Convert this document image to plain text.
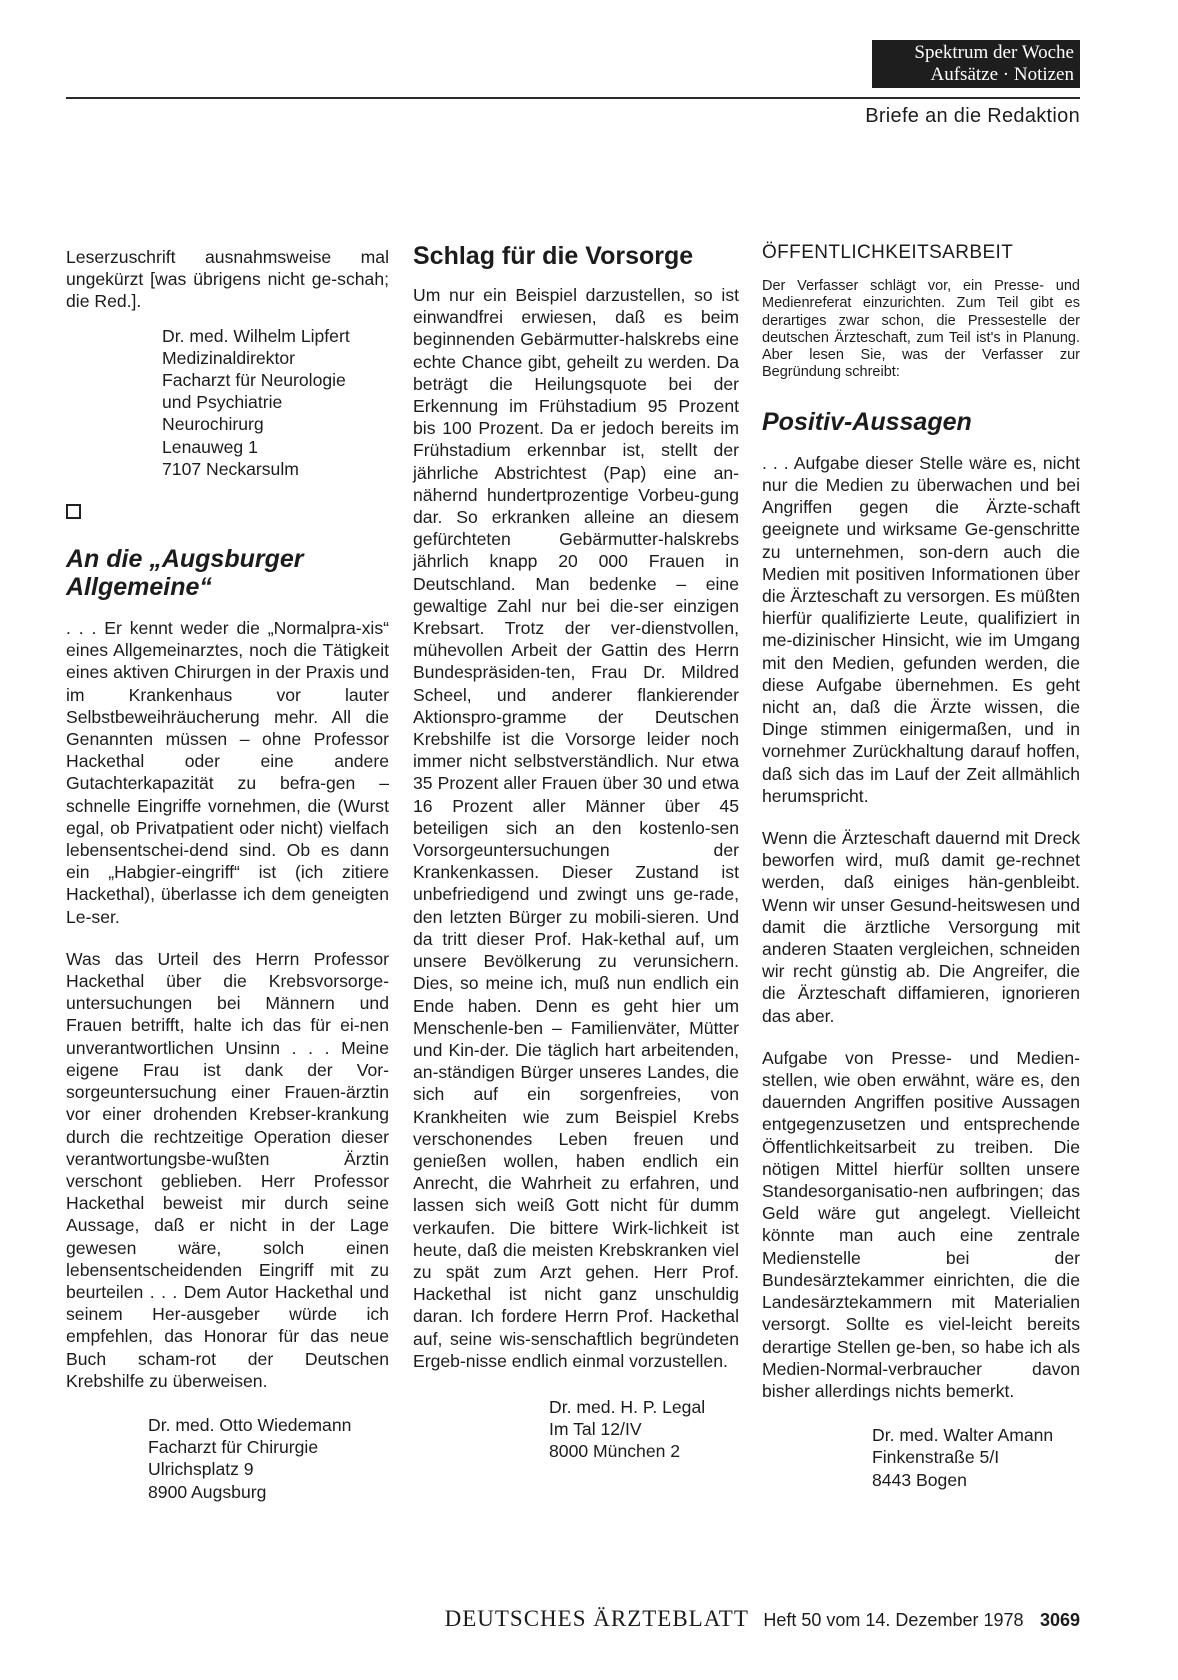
Spektrum der Woche
Aufsätze · Notizen
Briefe an die Redaktion

Leserzuschrift ausnahmsweise mal ungekürzt [was übrigens nicht ge-schah; die Red.].

Dr. med. Wilhelm Lipfert
Medizinaldirektor
Facharzt für Neurologie
und Psychiatrie
Neurochirurg
Lenauweg 1
7107 Neckarsulm
An die „Augsburger Allgemeine“

. . . Er kennt weder die „Normalpra-xis“ eines Allgemeinarztes, noch die Tätigkeit eines aktiven Chirurgen in der Praxis und im Krankenhaus vor lauter Selbstbeweihräucherung mehr. All die Genannten müssen – ohne Professor Hackethal oder eine andere Gutachterkapazität zu befra-gen – schnelle Eingriffe vornehmen, die (Wurst egal, ob Privatpatient oder nicht) vielfach lebensentschei-dend sind. Ob es dann ein „Habgier-eingriff“ ist (ich zitiere Hackethal), überlasse ich dem geneigten Le-ser.

Was das Urteil des Herrn Professor Hackethal über die Krebsvorsorge-untersuchungen bei Männern und Frauen betrifft, halte ich das für ei-nen unverantwortlichen Unsinn . . . Meine eigene Frau ist dank der Vor-sorgeuntersuchung einer Frauen-ärztin vor einer drohenden Krebser-krankung durch die rechtzeitige Operation dieser verantwortungsbe-wußten Ärztin verschont geblieben. Herr Professor Hackethal beweist mir durch seine Aussage, daß er nicht in der Lage gewesen wäre, solch einen lebensentscheidenden Eingriff mit zu beurteilen . . . Dem Autor Hackethal und seinem Her-ausgeber würde ich empfehlen, das Honorar für das neue Buch scham-rot der Deutschen Krebshilfe zu überweisen.

Dr. med. Otto Wiedemann
Facharzt für Chirurgie
Ulrichsplatz 9
8900 Augsburg
Schlag für die Vorsorge

Um nur ein Beispiel darzustellen, so ist einwandfrei erwiesen, daß es beim beginnenden Gebärmutter-halskrebs eine echte Chance gibt, geheilt zu werden. Da beträgt die Heilungsquote bei der Erkennung im Frühstadium 95 Prozent bis 100 Prozent. Da er jedoch bereits im Frühstadium erkennbar ist, stellt der jährliche Abstrichtest (Pap) eine an-nähernd hundertprozentige Vorbeu-gung dar. So erkranken alleine an diesem gefürchteten Gebärmutter-halskrebs jährlich knapp 20 000 Frauen in Deutschland. Man bedenke – eine gewaltige Zahl nur bei die-ser einzigen Krebsart. Trotz der ver-dienstvollen, mühevollen Arbeit der Gattin des Herrn Bundespräsiden-ten, Frau Dr. Mildred Scheel, und anderer flankierender Aktionspro-gramme der Deutschen Krebshilfe ist die Vorsorge leider noch immer nicht selbstverständlich. Nur etwa 35 Prozent aller Frauen über 30 und etwa 16 Prozent aller Männer über 45 beteiligen sich an den kostenlo-sen Vorsorgeuntersuchungen der Krankenkassen. Dieser Zustand ist unbefriedigend und zwingt uns ge-rade, den letzten Bürger zu mobili-sieren. Und da tritt dieser Prof. Hak-kethal auf, um unsere Bevölkerung zu verunsichern. Dies, so meine ich, muß nun endlich ein Ende haben. Denn es geht hier um Menschenle-ben – Familienväter, Mütter und Kin-der. Die täglich hart arbeitenden, an-ständigen Bürger unseres Landes, die sich auf ein sorgenfreies, von Krankheiten wie zum Beispiel Krebs verschonendes Leben freuen und genießen wollen, haben endlich ein Anrecht, die Wahrheit zu erfahren, und lassen sich weiß Gott nicht für dumm verkaufen. Die bittere Wirk-lichkeit ist heute, daß die meisten Krebskranken viel zu spät zum Arzt gehen. Herr Prof. Hackethal ist nicht ganz unschuldig daran. Ich fordere Herrn Prof. Hackethal auf, seine wis-senschaftlich begründeten Ergeb-nisse endlich einmal vorzustellen.

Dr. med. H. P. Legal
Im Tal 12/IV
8000 München 2

ÖFFENTLICHKEITSARBEIT

Der Verfasser schlägt vor, ein Presse- und Medienreferat einzurichten. Zum Teil gibt es derartiges zwar schon, die Pressestelle der deutschen Ärzteschaft, zum Teil ist's in Planung. Aber lesen Sie, was der Verfasser zur Begründung schreibt:

Positiv-Aussagen

. . . Aufgabe dieser Stelle wäre es, nicht nur die Medien zu überwachen und bei Angriffen gegen die Ärzte-schaft geeignete und wirksame Ge-genschritte zu unternehmen, son-dern auch die Medien mit positiven Informationen über die Ärzteschaft zu versorgen. Es müßten hierfür qualifizierte Leute, qualifiziert in me-dizinischer Hinsicht, wie im Umgang mit den Medien, gefunden werden, die diese Aufgabe übernehmen. Es geht nicht an, daß die Ärzte wissen, die Dinge stimmen einigermaßen, und in vornehmer Zurückhaltung darauf hoffen, daß sich das im Lauf der Zeit allmählich herumspricht.

Wenn die Ärzteschaft dauernd mit Dreck beworfen wird, muß damit ge-rechnet werden, daß einiges hän-genbleibt. Wenn wir unser Gesund-heitswesen und damit die ärztliche Versorgung mit anderen Staaten vergleichen, schneiden wir recht günstig ab. Die Angreifer, die die Ärzteschaft diffamieren, ignorieren das aber.

Aufgabe von Presse- und Medien-stellen, wie oben erwähnt, wäre es, den dauernden Angriffen positive Aussagen entgegenzusetzen und entsprechende Öffentlichkeitsarbeit zu treiben. Die nötigen Mittel hierfür sollten unsere Standesorganisatio-nen aufbringen; das Geld wäre gut angelegt. Vielleicht könnte man auch eine zentrale Medienstelle bei der Bundesärztekammer einrichten, die die Landesärztekammern mit Materialien versorgt. Sollte es viel-leicht bereits derartige Stellen ge-ben, so habe ich als Medien-Normal-verbraucher davon bisher allerdings nichts bemerkt.

Dr. med. Walter Amann
Finkenstraße 5/I
8443 Bogen
DEUTSCHES ÄRZTEBLATT Heft 50 vom 14. Dezember 1978 3069
